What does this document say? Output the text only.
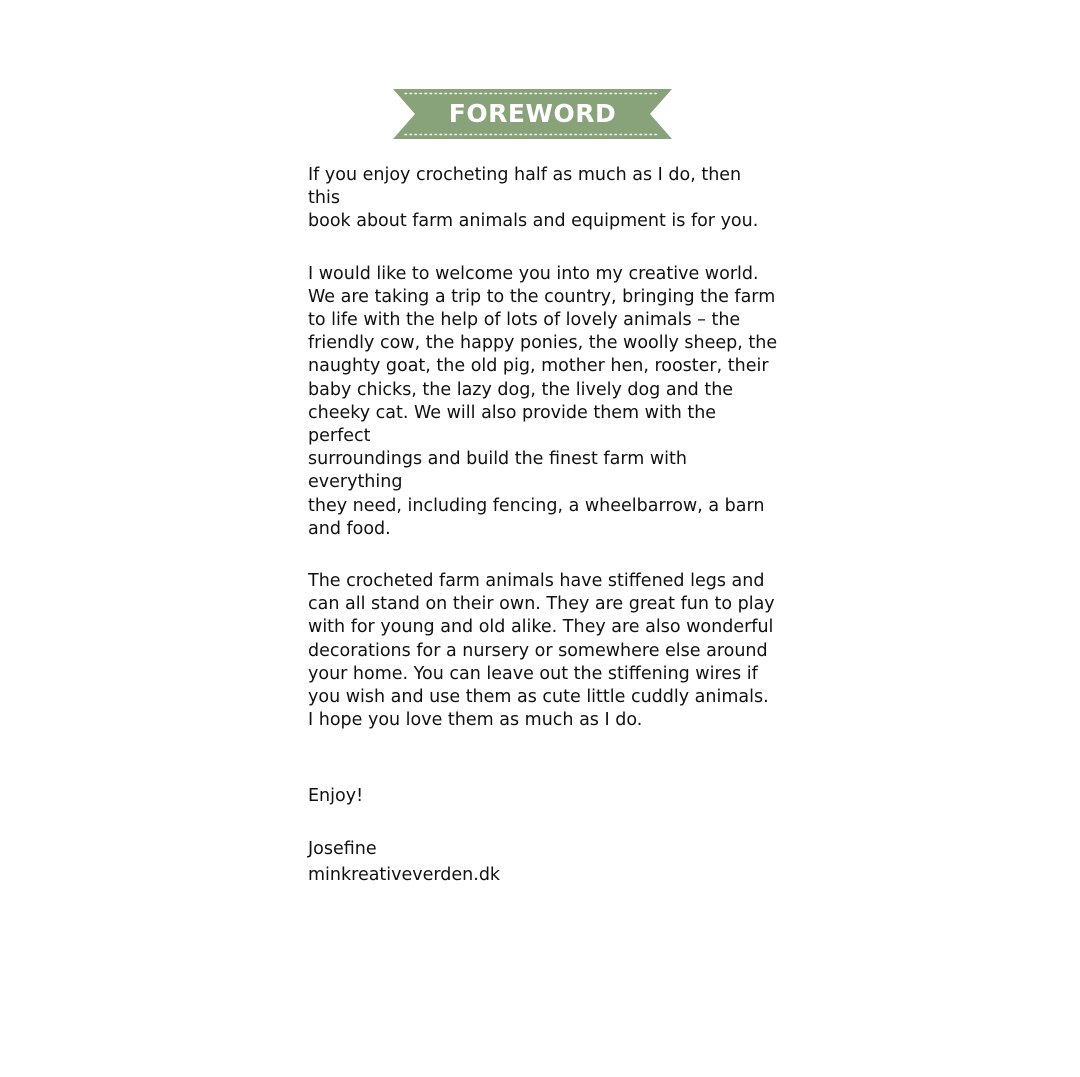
FOREWORD

If you enjoy crocheting half as much as I do, then this
book about farm animals and equipment is for you.

I would like to welcome you into my creative world.
We are taking a trip to the country, bringing the farm
to life with the help of lots of lovely animals – the
friendly cow, the happy ponies, the woolly sheep, the
naughty goat, the old pig, mother hen, rooster, their
baby chicks, the lazy dog, the lively dog and the
cheeky cat. We will also provide them with the perfect
surroundings and build the finest farm with everything
they need, including fencing, a wheelbarrow, a barn
and food.

The crocheted farm animals have stiffened legs and
can all stand on their own. They are great fun to play
with for young and old alike. They are also wonderful
decorations for a nursery or somewhere else around
your home. You can leave out the stiffening wires if
you wish and use them as cute little cuddly animals.
I hope you love them as much as I do.

Enjoy!

Josefine

minkreativeverden.dk
